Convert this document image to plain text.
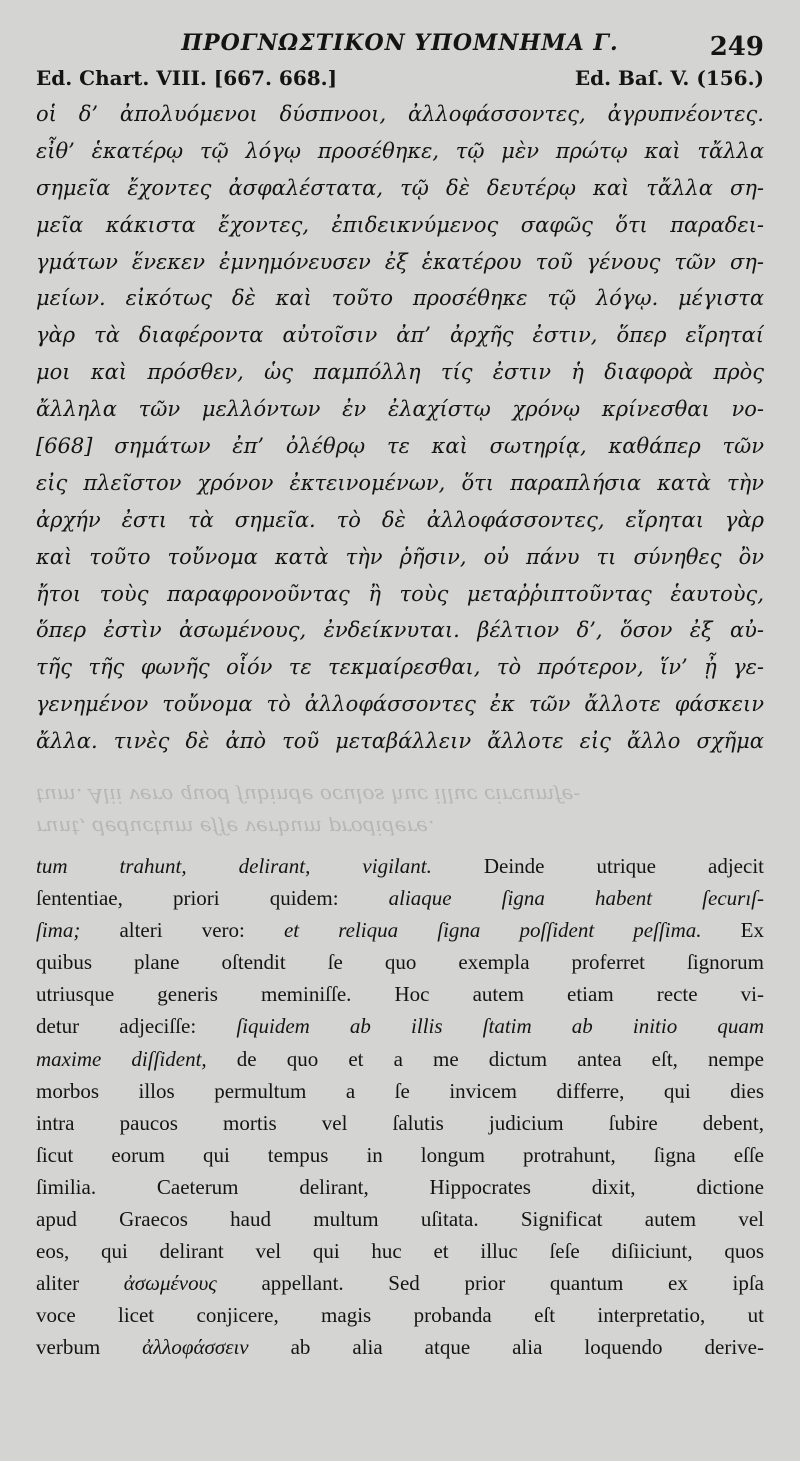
ΠΡΟΓΝΩΣΤΙΚΟΝ ΥΠΟΜΝΗΜΑ Γ.	249
Ed. Chart. VIII. [667. 668.]	Ed. Baſ. V. (156.)
οἱ δ’ ἀπολυόμενοι δύσπνοοι, ἀλλοφάσσοντες, ἀγρυπνέοντες.
εἶθ’ ἑκατέρῳ τῷ λόγῳ προσέθηκε, τῷ μὲν πρώτῳ καὶ τἄλλα
σημεῖα ἔχοντες ἀσφαλέστατα, τῷ δὲ δευτέρῳ καὶ τἄλλα ση-
μεῖα κάκιστα ἔχοντες, ἐπιδεικνύμενος σαφῶς ὅτι παραδει-
γμάτων ἕνεκεν ἐμνημόνευσεν ἐξ ἑκατέρου τοῦ γένους τῶν ση-
μείων. εἰκότως δὲ καὶ τοῦτο προσέθηκε τῷ λόγῳ. μέγιστα
γὰρ τὰ διαφέροντα αὐτοῖσιν ἀπ’ ἀρχῆς ἐστιν, ὅπερ εἴρηταί
μοι καὶ πρόσθεν, ὡς παμπόλλη τίς ἐστιν ἡ διαφορὰ πρὸς
ἄλληλα τῶν μελλόντων ἐν ἐλαχίστῳ χρόνῳ κρίνεσθαι νο-
[668] σημάτων ἐπ’ ὀλέθρῳ τε καὶ σωτηρίᾳ, καθάπερ τῶν
εἰς πλεῖστον χρόνον ἐκτεινομένων, ὅτι παραπλήσια κατὰ τὴν
ἀρχήν ἐστι τὰ σημεῖα. τὸ δὲ ἀλλοφάσσοντες, εἴρηται γὰρ
καὶ τοῦτο τοὔνομα κατὰ τὴν ῥῆσιν, οὐ πάνυ τι σύνηθες ὂν
ἤτοι τοὺς παραφρονοῦντας ἢ τοὺς μεταῤῥιπτοῦντας ἑαυτοὺς,
ὅπερ ἐστὶν ἀσωμένους, ἐνδείκνυται. βέλτιον δ’, ὅσον ἐξ αὐ-
τῆς τῆς φωνῆς οἷόν τε τεκμαίρεσθαι, τὸ πρότερον, ἵν’ ᾖ γε-
γενημένον τοὔνομα τὸ ἀλλοφάσσοντες ἐκ τῶν ἄλλοτε φάσκειν
ἄλλα. τινὲς δὲ ἀπὸ τοῦ μεταβάλλειν ἄλλοτε εἰς ἄλλο σχῆμα
runt, deductum eſſe verbum prodidere.
tum. Alii vero quod ſubinde oculos huc illuc circumfe-
tum trahunt, delirant, vigilant. Deinde utrique adjecit
ſententiae, priori quidem: aliaque ſigna habent ſecurıſ-
ſima; alteri vero: et reliqua ſigna poſſident peſſima. Ex
quibus plane oſtendit ſe quo exempla proferret ſignorum
utriusque generis meminiſſe. Hoc autem etiam recte vi-
detur adjeciſſe: ſiquidem ab illis ſtatim ab initio quam
maxime diſſident, de quo et a me dictum antea eſt, nempe
morbos illos permultum a ſe invicem differre, qui dies
intra paucos mortis vel ſalutis judicium ſubire debent,
ſicut eorum qui tempus in longum protrahunt, ſigna eſſe
ſimilia. Caeterum delirant, Hippocrates dixit, dictione
apud Graecos haud multum uſitata. Significat autem vel
eos, qui delirant vel qui huc et illuc ſeſe diſiiciunt, quos
aliter ἀσωμένους appellant. Sed prior quantum ex ipſa
voce licet conjicere, magis probanda eſt interpretatio, ut
verbum ἀλλοφάσσειν ab alia atque alia loquendo derive-
